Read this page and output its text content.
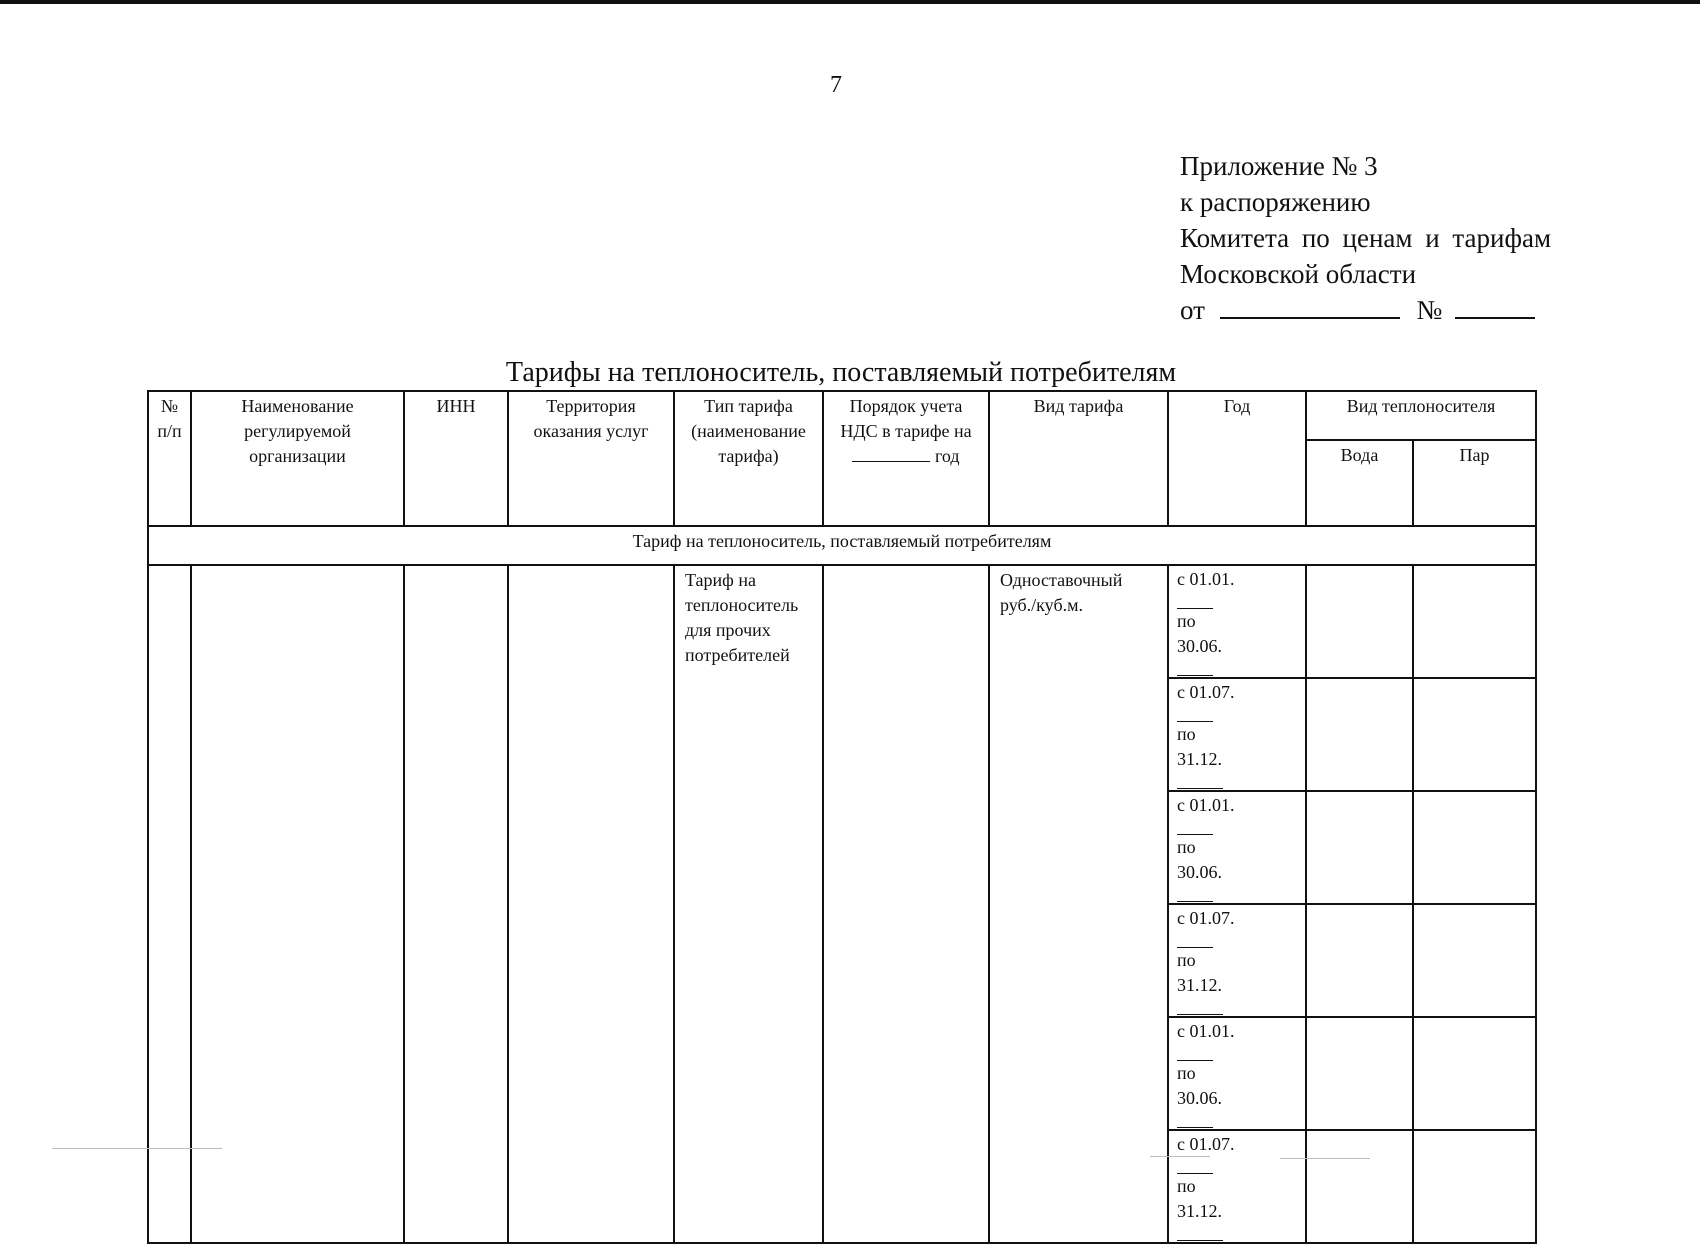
7
Приложение № 3
к распоряжению
Комитета по ценам и тарифам
Московской области
от	№
Тарифы на теплоноситель, поставляемый потребителям
№ п/п	Наименование регулируемой организации	ИНН	Территория оказания услуг	Тип тарифа (наименование тарифа)	Порядок учета НДС в тарифе на  год	Вид тарифа	Год	Вид теплоносителя	
								Вода	Пар
Тариф на теплоноситель, поставляемый потребителям									
				Тариф на теплоноситель для прочих потребителей		Одноставочный руб./куб.м.	с 01.01.
по
30.06.		

							с 01.07.
по
31.12.		

							с 01.01.
по
30.06.		

							с 01.07.
по
31.12.		

							с 01.01.
по
30.06.		

							с 01.07.
по
31.12.		
